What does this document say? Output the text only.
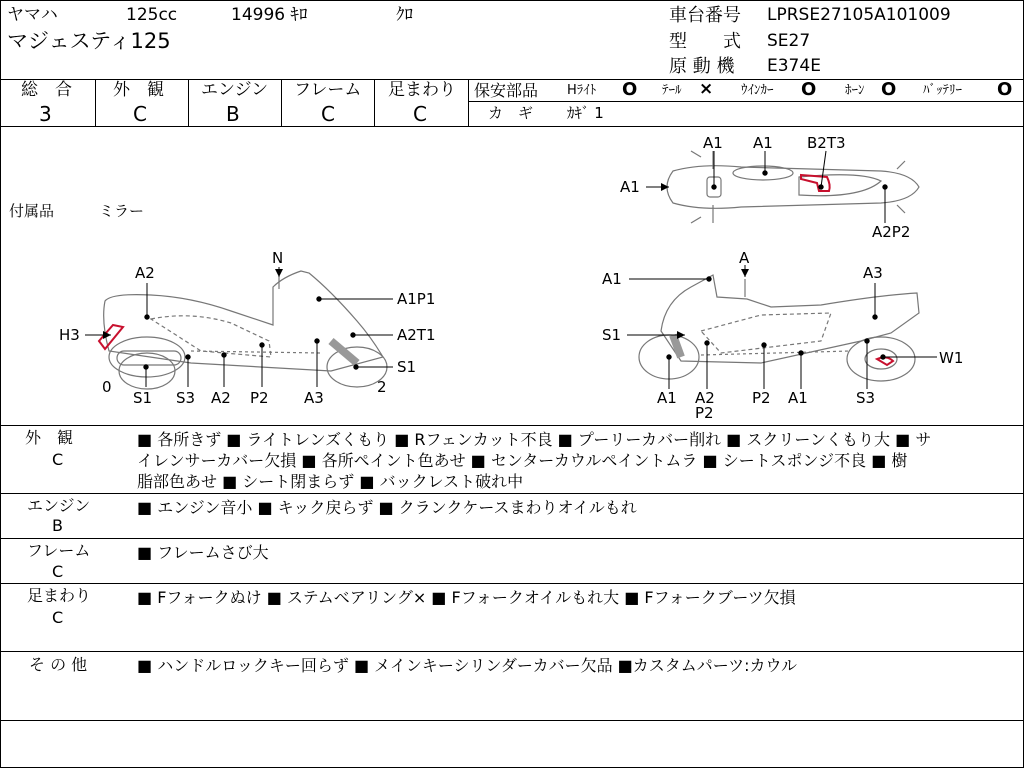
ヤマハ	125cc	14996 ｷﾛ	ｸﾛ
マジェスティ125
車台番号 LPRSE27105A101009
型　　式 SE27
原 動 機 E374E
総　合
3
外　観
C
エンジン
B
フレーム
C
足まわり
C
保安部品 Hﾗｲﾄ O ﾃｰﾙ × ｳｲﾝｶｰ O ﾎｰﾝ O ﾊﾞｯﾃﾘｰ O
カ　ギ ｶｷﾞ 1
付属品	ミラー
A1 A1 B2T3
A1
A2P2
A2
N
A1P1
A2T1
S1
H3
0	2
S1 S3 A2 P2 A3
A1
A
A3
S1
W1
A1 A2
P2
P2 A1	S3
外　観
C
■ 各所きず ■ ライトレンズくもり ■ Rフェンカット不良 ■ プーリーカバー削れ ■ スクリーンくもり大 ■ サ
イレンサーカバー欠損 ■ 各所ペイント色あせ ■ センターカウルペイントムラ ■ シートスポンジ不良 ■ 樹
脂部色あせ ■ シート閉まらず ■ バックレスト破れ中
エンジン
B
■ エンジン音小 ■ キック戻らず ■ クランクケースまわりオイルもれ
フレーム
C
■ フレームさび大
足まわり
C
■ Fフォークぬけ ■ ステムベアリング× ■ Fフォークオイルもれ大 ■ Fフォークブーツ欠損
そ の 他	■ ハンドルロックキー回らず ■ メインキーシリンダーカバー欠品 ■カスタムパーツ:カウル
